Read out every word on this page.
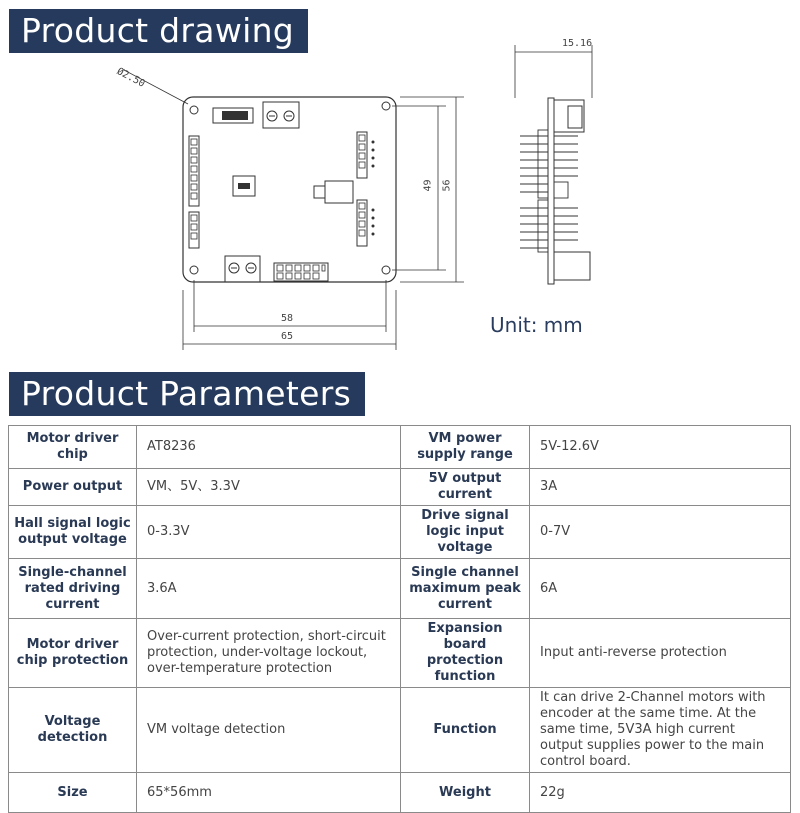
Product drawing
Ø2.50
58
65
49 56
15.16
Unit: mm
Product Parameters
Motor driver chip	AT8236	VM power supply range	5V-12.6V
Power output	VM、5V、3.3V	5V output current	3A
Hall signal logic output voltage	0-3.3V	Drive signal logic input voltage	0-7V
Single-channel rated driving current	3.6A	Single channel maximum peak current	6A
Motor driver chip protection	Over-current protection, short-circuit protection, under-voltage lockout, over-temperature protection	Expansion board protection function	Input anti-reverse protection
Voltage detection	VM voltage detection	Function	It can drive 2-Channel motors with encoder at the same time. At the same time, 5V3A high current output supplies power to the main control board.
Size	65*56mm	Weight	22g
